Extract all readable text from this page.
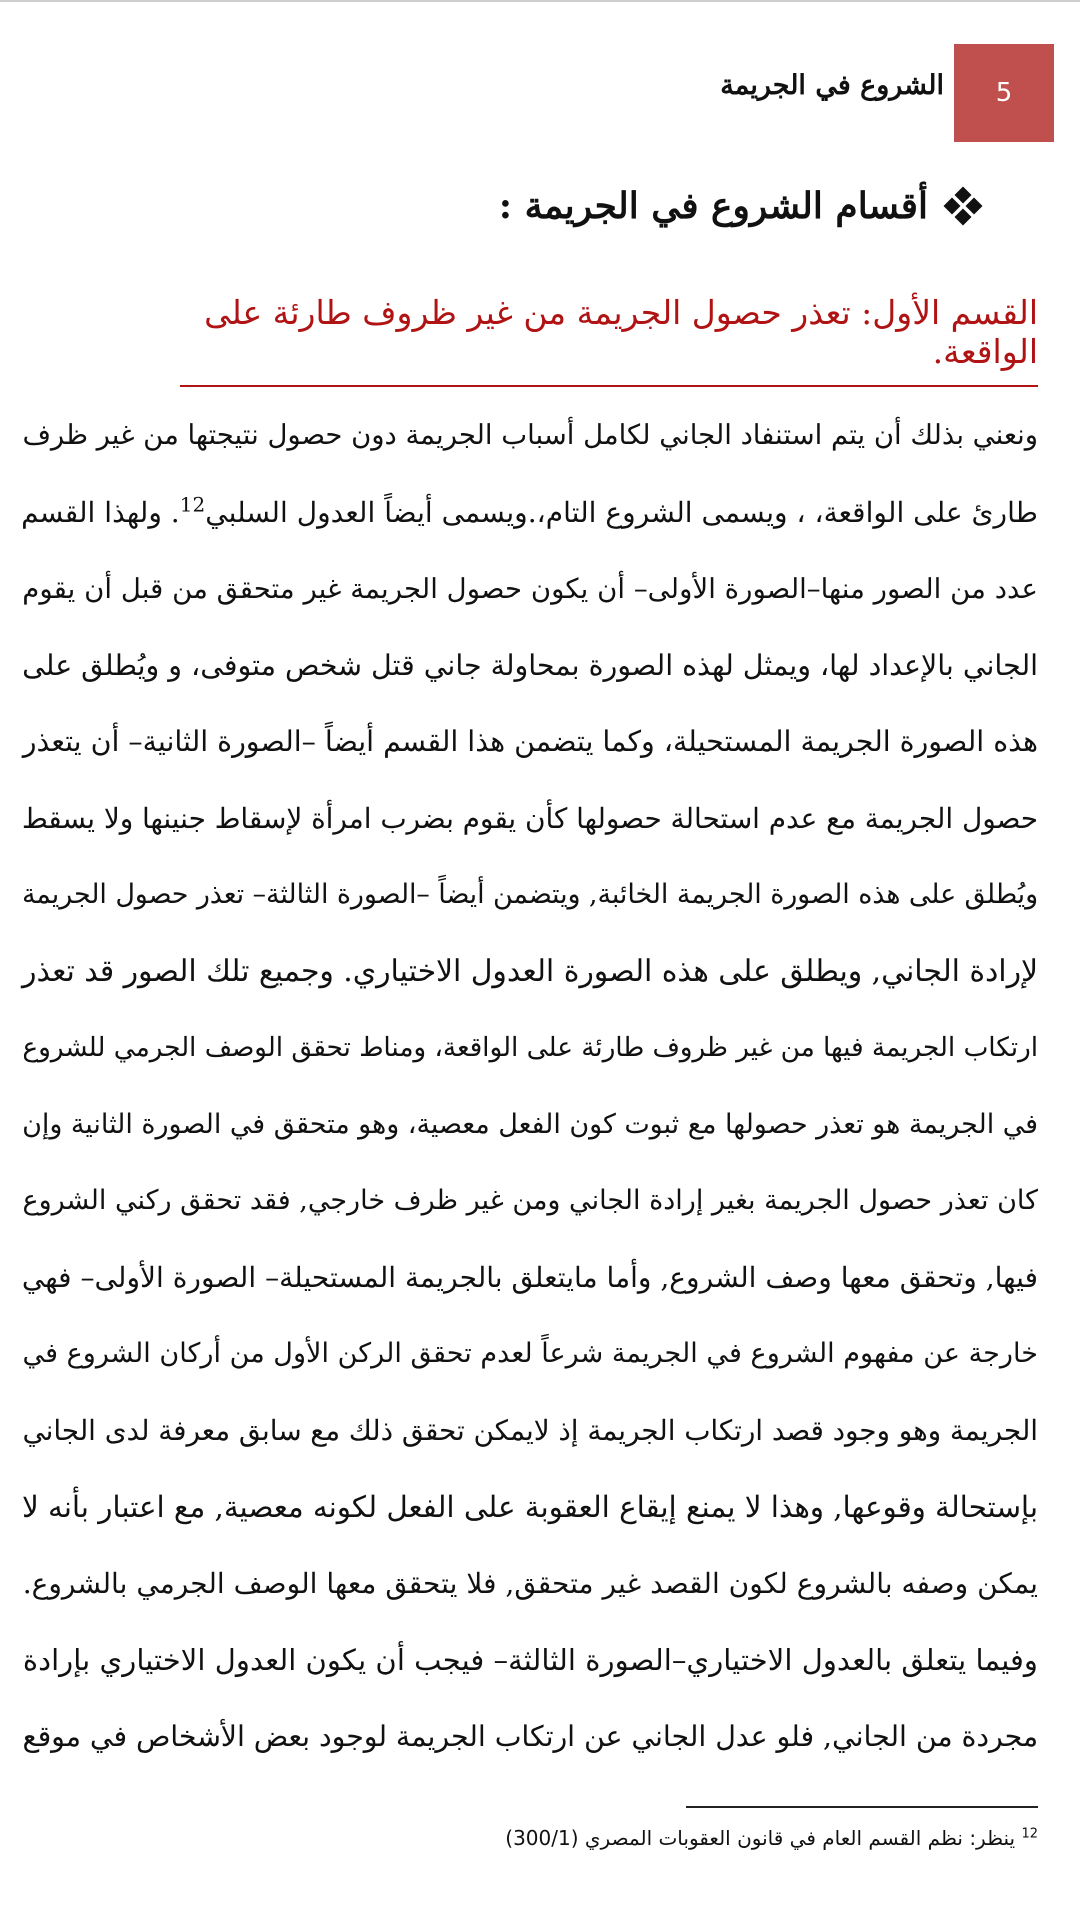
5
الشروع في الجريمة
أقسام الشروع في الجريمة :
القسم الأول: تعذر حصول الجريمة من غير ظروف طارئة على الواقعة.
ونعني بذلك أن يتم استنفاد الجاني لكامل أسباب الجريمة دون حصول نتيجتها من غير ظرف
طارئ على الواقعة، ، ويسمى الشروع التام،.ويسمى أيضاً العدول السلبي$^{12}$. ولهذا القسم
عدد من الصور منها–الصورة الأولى– أن يكون حصول الجريمة غير متحقق من قبل أن يقوم
الجاني بالإعداد لها، ويمثل لهذه الصورة بمحاولة جاني قتل شخص متوفى، و ويُطلق على
هذه الصورة الجريمة المستحيلة، وكما يتضمن هذا القسم أيضاً –الصورة الثانية– أن يتعذر
حصول الجريمة مع عدم استحالة حصولها كأن يقوم بضرب امرأة لإسقاط جنينها ولا يسقط
ويُطلق على هذه الصورة الجريمة الخائبة, ويتضمن أيضاً –الصورة الثالثة– تعذر حصول الجريمة
لإرادة الجاني, ويطلق على هذه الصورة العدول الاختياري. وجميع تلك الصور قد تعذر
ارتكاب الجريمة فيها من غير ظروف طارئة على الواقعة، ومناط تحقق الوصف الجرمي للشروع
في الجريمة هو تعذر حصولها مع ثبوت كون الفعل معصية، وهو متحقق في الصورة الثانية وإن
كان تعذر حصول الجريمة بغير إرادة الجاني ومن غير ظرف خارجي, فقد تحقق ركني الشروع
فيها, وتحقق معها وصف الشروع, وأما مايتعلق بالجريمة المستحيلة– الصورة الأولى– فهي
خارجة عن مفهوم الشروع في الجريمة شرعاً لعدم تحقق الركن الأول من أركان الشروع في
الجريمة وهو وجود قصد ارتكاب الجريمة إذ لايمكن تحقق ذلك مع سابق معرفة لدى الجاني
بإستحالة وقوعها, وهذا لا يمنع إيقاع العقوبة على الفعل لكونه معصية, مع اعتبار بأنه لا
يمكن وصفه بالشروع لكون القصد غير متحقق, فلا يتحقق معها الوصف الجرمي بالشروع.
وفيما يتعلق بالعدول الاختياري–الصورة الثالثة– فيجب أن يكون العدول الاختياري بإرادة
مجردة من الجاني, فلو عدل الجاني عن ارتكاب الجريمة لوجود بعض الأشخاص في موقع
$^{12}$ ينظر: نظم القسم العام في قانون العقوبات المصري (300/1)
